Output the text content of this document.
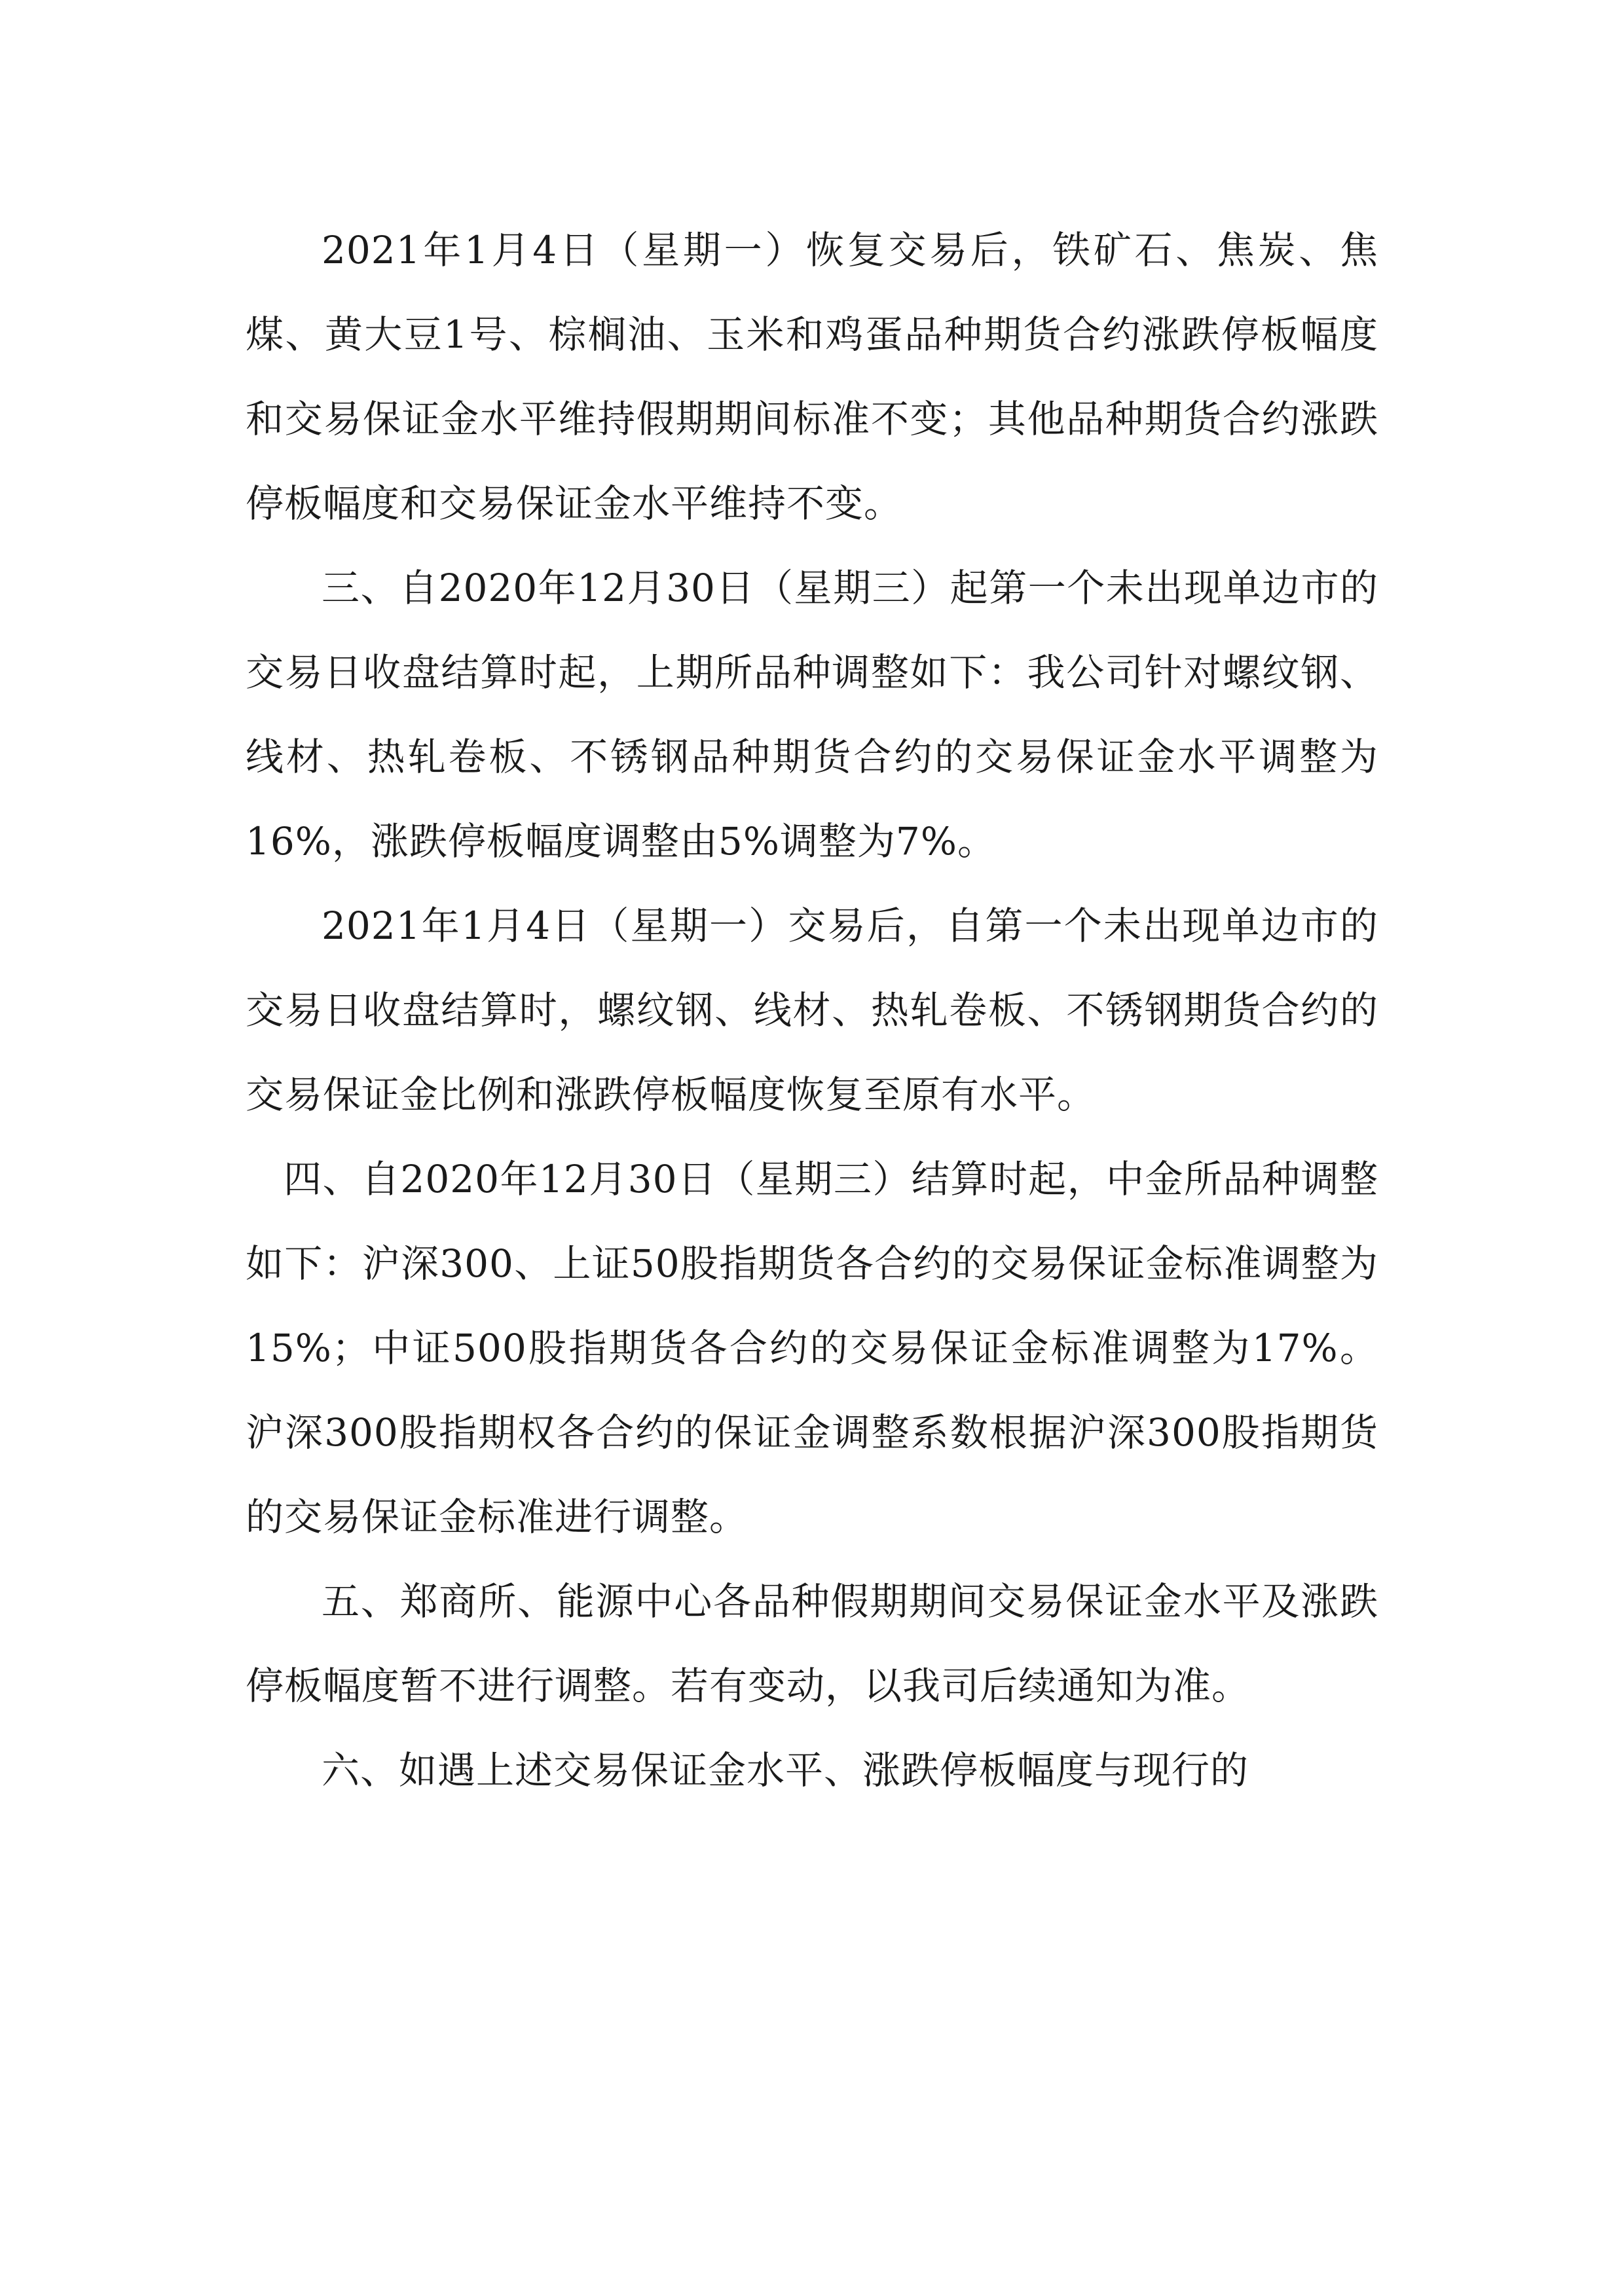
2021年1月4日（星期一）恢复交易后，铁矿石、焦炭、焦煤、黄大豆1号、棕榈油、玉米和鸡蛋品种期货合约涨跌停板幅度和交易保证金水平维持假期期间标准不变；其他品种期货合约涨跌停板幅度和交易保证金水平维持不变。

三、自2020年12月30日（星期三）起第一个未出现单边市的交易日收盘结算时起，上期所品种调整如下：我公司针对螺纹钢、线材、热轧卷板、不锈钢品种期货合约的交易保证金水平调整为16%，涨跌停板幅度调整由5%调整为7%。

2021年1月4日（星期一）交易后，自第一个未出现单边市的交易日收盘结算时，螺纹钢、线材、热轧卷板、不锈钢期货合约的交易保证金比例和涨跌停板幅度恢复至原有水平。

四、自2020年12月30日（星期三）结算时起，中金所品种调整如下：沪深300、上证50股指期货各合约的交易保证金标准调整为15%；中证500股指期货各合约的交易保证金标准调整为17%。沪深300股指期权各合约的保证金调整系数根据沪深300股指期货的交易保证金标准进行调整。

五、郑商所、能源中心各品种假期期间交易保证金水平及涨跌停板幅度暂不进行调整。若有变动，以我司后续通知为准。

六、如遇上述交易保证金水平、涨跌停板幅度与现行的
